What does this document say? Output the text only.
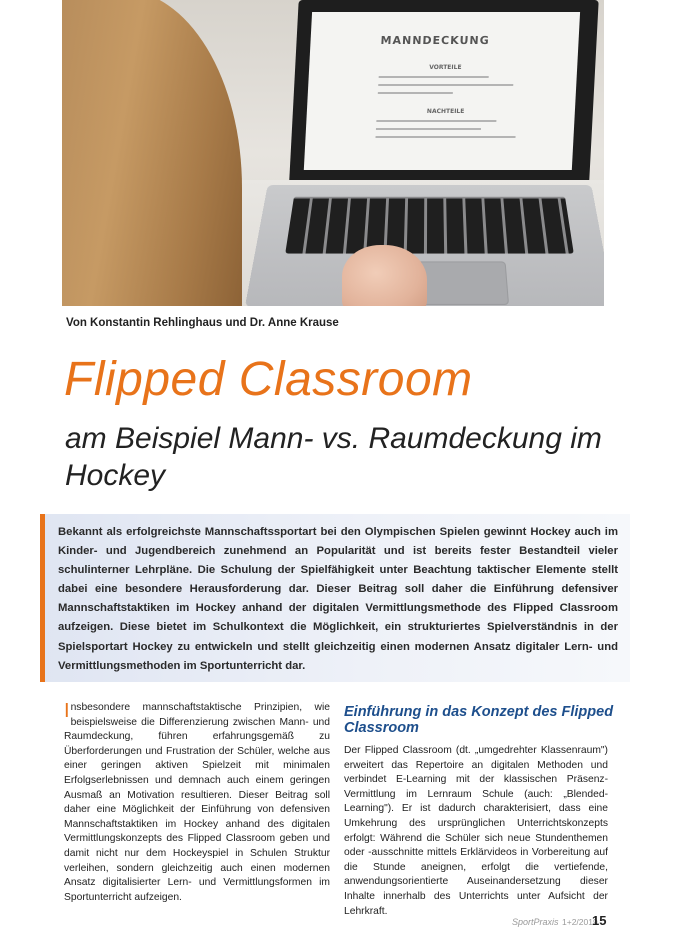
MANNDECKUNG
VORTEILE
NACHTEILE
Von Konstantin Rehlinghaus und Dr. Anne Krause
Flipped Classroom
am Beispiel Mann- vs. Raumdeckung im Hockey

Bekannt als erfolgreichste Mannschaftssportart bei den Olympischen Spielen gewinnt Hockey auch im Kinder- und Jugendbereich zunehmend an Popularität und ist bereits fester Bestandteil vieler schulinterner Lehrpläne. Die Schulung der Spielfähigkeit unter Beachtung taktischer Elemente stellt dabei eine besondere Herausforderung dar. Dieser Beitrag soll daher die Einführung defensiver Mannschaftstaktiken im Hockey anhand der digitalen Vermittlungsmethode des Flipped Classroom aufzeigen. Diese bietet im Schulkontext die Möglichkeit, ein strukturiertes Spielverständnis in der Spielsportart Hockey zu entwickeln und stellt gleichzeitig einen modernen Ansatz digitaler Lern- und Vermittlungsmethoden im Sportunterricht dar.

Insbesondere mannschaftstaktische Prinzipien, wie beispielsweise die Differenzierung zwischen Mann- und Raumdeckung, führen erfahrungsgemäß zu Überforderungen und Frustration der Schüler, welche aus einer geringen aktiven Spielzeit mit minimalen Erfolgserlebnissen und demnach auch einem geringen Ausmaß an Motivation resultieren. Dieser Beitrag soll daher eine Möglichkeit der Einführung von defensiven Mannschaftstaktiken im Hockey anhand des digitalen Vermittlungskonzepts des Flipped Classroom geben und damit nicht nur dem Hockeyspiel in Schulen Struktur verleihen, sondern gleichzeitig auch einen modernen Ansatz digitalisierter Lern- und Vermittlungsformen im Sportunterricht aufzeigen.

Einführung in das Konzept des Flipped Classroom

Der Flipped Classroom (dt. „umgedrehter Klassenraum") erweitert das Repertoire an digitalen Methoden und verbindet E-Learning mit der klassischen Präsenz-Vermittlung im Lernraum Schule (auch: „Blended-Learning"). Er ist dadurch charakterisiert, dass eine Umkehrung des ursprünglichen Unterrichtskonzepts erfolgt: Während die Schüler sich neue Stundenthemen oder -ausschnitte mittels Erklärvideos in Vorbereitung auf die Stunde aneignen, erfolgt die vertiefende, anwendungsorientierte Auseinandersetzung dieser Inhalte innerhalb des Unterrichts unter Aufsicht der Lehrkraft.

SportPraxis 1+2/2019
15
